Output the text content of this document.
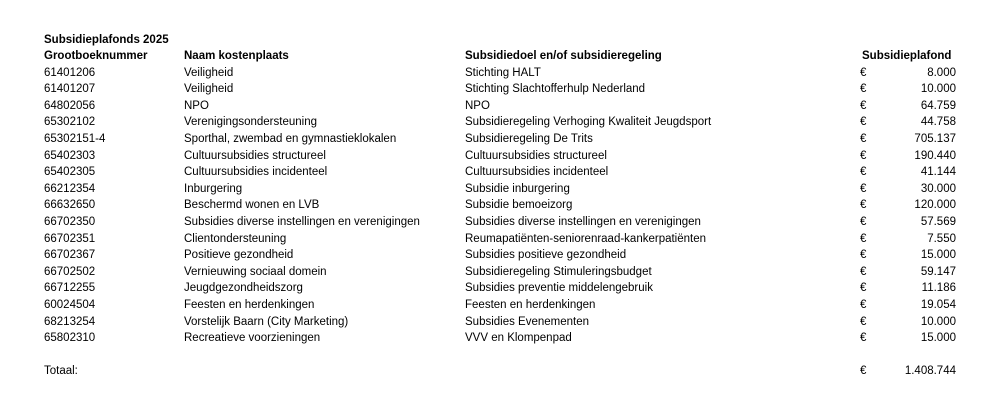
Subsidieplafonds 2025
Grootboeknummer	Naam kostenplaats	Subsidiedoel en/of subsidieregeling	Subsidieplafond
61401206	Veiligheid	Stichting HALT	€	8.000
61401207	Veiligheid	Stichting Slachtofferhulp Nederland	€	10.000
64802056	NPO	NPO	€	64.759
65302102	Verenigingsondersteuning	Subsidieregeling Verhoging Kwaliteit Jeugdsport	€	44.758
65302151-4	Sporthal, zwembad en gymnastieklokalen	Subsidieregeling De Trits	€	705.137
65402303	Cultuursubsidies structureel	Cultuursubsidies structureel	€	190.440
65402305	Cultuursubsidies incidenteel	Cultuursubsidies incidenteel	€	41.144
66212354	Inburgering	Subsidie inburgering	€	30.000
66632650	Beschermd wonen en LVB	Subsidie bemoeizorg	€	120.000
66702350	Subsidies diverse instellingen en verenigingen	Subsidies diverse instellingen en verenigingen	€	57.569
66702351	Clientondersteuning	Reumapatiënten-seniorenraad-kankerpatiënten	€	7.550
66702367	Positieve gezondheid	Subsidies positieve gezondheid	€	15.000
66702502	Vernieuwing sociaal domein	Subsidieregeling Stimuleringsbudget	€	59.147
66712255	Jeugdgezondheidszorg	Subsidies preventie middelengebruik	€	11.186
60024504	Feesten en herdenkingen	Feesten en herdenkingen	€	19.054
68213254	Vorstelijk Baarn (City Marketing)	Subsidies Evenementen	€	10.000
65802310	Recreatieve voorzieningen	VVV en Klompenpad	€	15.000
Totaal:	€	1.408.744
